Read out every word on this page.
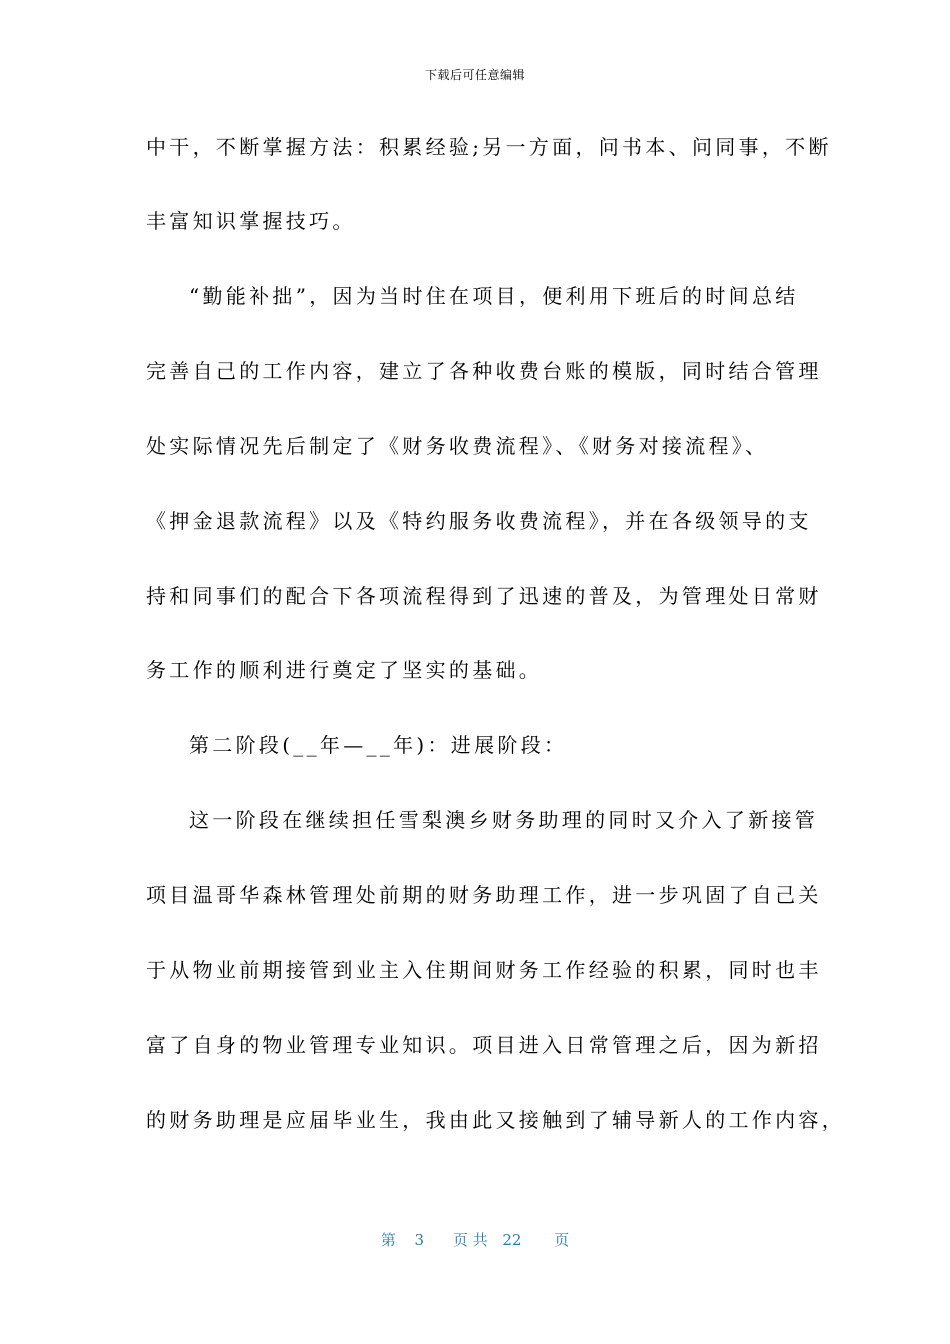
下载后可任意编辑
中干，不断掌握方法：积累经验;另一方面，问书本、问同事，不断
丰富知识掌握技巧。
“勤能补拙”，因为当时住在项目，便利用下班后的时间总结
完善自己的工作内容，建立了各种收费台账的模版，同时结合管理
处实际情况先后制定了《财务收费流程》、《财务对接流程》、
《押金退款流程》以及《特约服务收费流程》，并在各级领导的支
持和同事们的配合下各项流程得到了迅速的普及，为管理处日常财
务工作的顺利进行奠定了坚实的基础。
第二阶段(__年—__年)：进展阶段：
这一阶段在继续担任雪梨澳乡财务助理的同时又介入了新接管
项目温哥华森林管理处前期的财务助理工作，进一步巩固了自己关
于从物业前期接管到业主入住期间财务工作经验的积累，同时也丰
富了自身的物业管理专业知识。项目进入日常管理之后，因为新招
的财务助理是应届毕业生，我由此又接触到了辅导新人的工作内容，
第 3 页 共 22 页
